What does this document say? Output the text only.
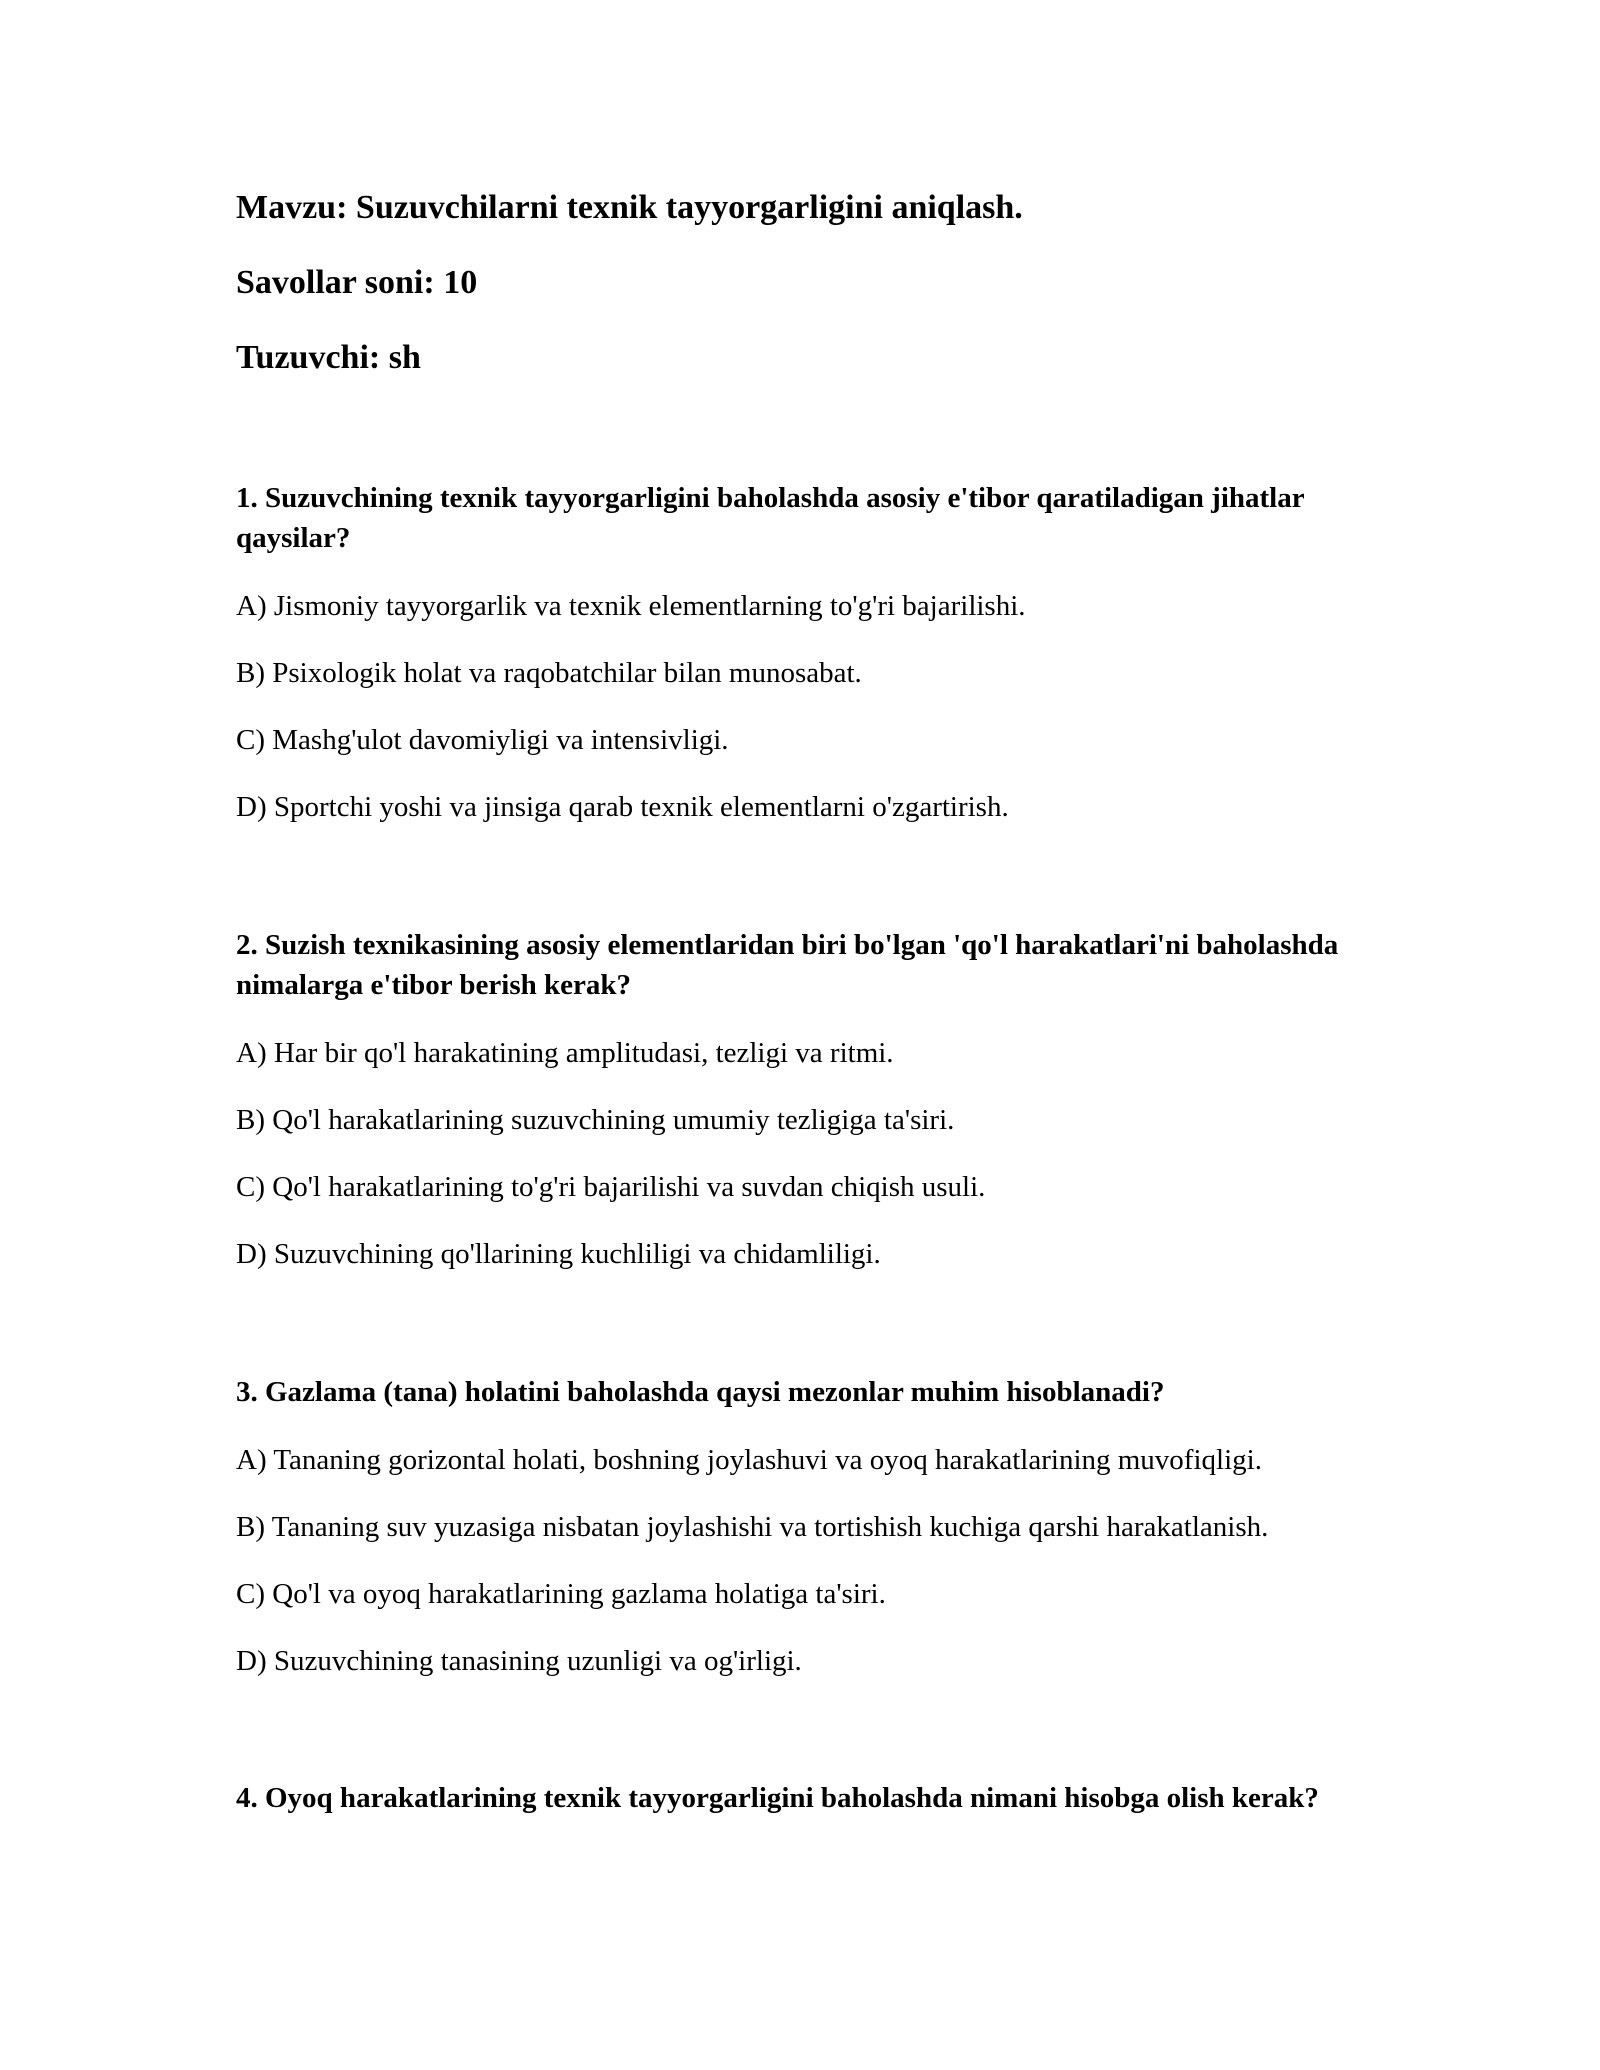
Mavzu: Suzuvchilarni texnik tayyorgarligini aniqlash.
Savollar soni: 10
Tuzuvchi: sh
1. Suzuvchining texnik tayyorgarligini baholashda asosiy e'tibor qaratiladigan jihatlar qaysilar?
A) Jismoniy tayyorgarlik va texnik elementlarning to'g'ri bajarilishi.
B) Psixologik holat va raqobatchilar bilan munosabat.
C) Mashg'ulot davomiyligi va intensivligi.
D) Sportchi yoshi va jinsiga qarab texnik elementlarni o'zgartirish.
2. Suzish texnikasining asosiy elementlaridan biri bo'lgan 'qo'l harakatlari'ni baholashda nimalarga e'tibor berish kerak?
A) Har bir qo'l harakatining amplitudasi, tezligi va ritmi.
B) Qo'l harakatlarining suzuvchining umumiy tezligiga ta'siri.
C) Qo'l harakatlarining to'g'ri bajarilishi va suvdan chiqish usuli.
D) Suzuvchining qo'llarining kuchliligi va chidamliligi.
3. Gazlama (tana) holatini baholashda qaysi mezonlar muhim hisoblanadi?
A) Tananing gorizontal holati, boshning joylashuvi va oyoq harakatlarining muvofiqligi.
B) Tananing suv yuzasiga nisbatan joylashishi va tortishish kuchiga qarshi harakatlanish.
C) Qo'l va oyoq harakatlarining gazlama holatiga ta'siri.
D) Suzuvchining tanasining uzunligi va og'irligi.
4. Oyoq harakatlarining texnik tayyorgarligini baholashda nimani hisobga olish kerak?
